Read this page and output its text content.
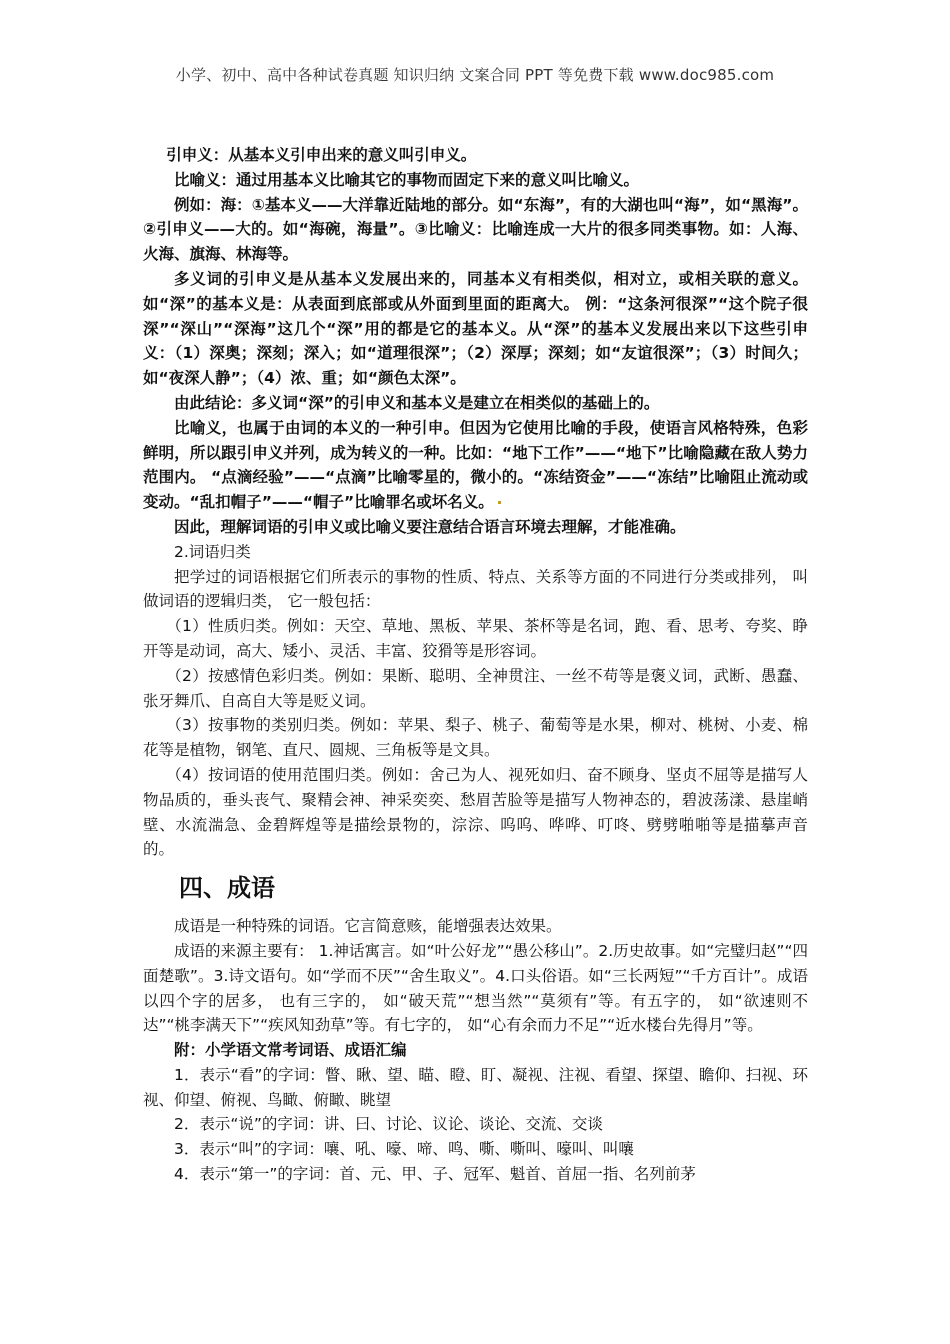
小学、初中、高中各种试卷真题 知识归纳 文案合同 PPT 等免费下载 www.doc985.com

引申义：从基本义引申出来的意义叫引申义。

比喻义：通过用基本义比喻其它的事物而固定下来的意义叫比喻义。

例如：海：①基本义——大洋靠近陆地的部分。如“东海”，有的大湖也叫“海”，如“黑海”。②引申义——大的。如“海碗，海量”。③比喻义：比喻连成一大片的很多同类事物。如：人海、火海、旗海、林海等。

多义词的引申义是从基本义发展出来的，同基本义有相类似，相对立，或相关联的意义。 如“深”的基本义是：从表面到底部或从外面到里面的距离大。 例：“这条河很深”“这个院子很深”“深山”“深海”这几个“深”用的都是它的基本义。从“深”的基本义发展出来以下这些引申义：（1）深奥；深刻；深入；如“道理很深”；（2）深厚；深刻；如“友谊很深”；（3）时间久；如“夜深人静”；（4）浓、重；如“颜色太深”。

由此结论：多义词“深”的引申义和基本义是建立在相类似的基础上的。

比喻义，也属于由词的本义的一种引申。但因为它使用比喻的手段，使语言风格特殊，色彩鲜明，所以跟引申义并列，成为转义的一种。比如：“地下工作”——“地下”比喻隐藏在敌人势力范围内。 “点滴经验”——“点滴”比喻零星的，微小的。“冻结资金”——“冻结”比喻阻止流动或变动。“乱扣帽子”——“帽子”比喻罪名或坏名义。

因此，理解词语的引申义或比喻义要注意结合语言环境去理解，才能准确。

2.词语归类

把学过的词语根据它们所表示的事物的性质、特点、关系等方面的不同进行分类或排列， 叫做词语的逻辑归类， 它一般包括：

（1）性质归类。例如：天空、草地、黑板、苹果、茶杯等是名词，跑、看、思考、夸奖、睁开等是动词，高大、矮小、灵活、丰富、狡猾等是形容词。

（2）按感情色彩归类。例如：果断、聪明、全神贯注、一丝不苟等是褒义词，武断、愚蠢、张牙舞爪、自高自大等是贬义词。

（3）按事物的类别归类。例如：苹果、梨子、桃子、葡萄等是水果，柳对、桃树、小麦、棉花等是植物，钢笔、直尺、圆规、三角板等是文具。

（4）按词语的使用范围归类。例如：舍己为人、视死如归、奋不顾身、坚贞不屈等是描写人物品质的，垂头丧气、聚精会神、神采奕奕、愁眉苦脸等是描写人物神态的，碧波荡漾、悬崖峭壁、水流湍急、金碧辉煌等是描绘景物的，淙淙、呜呜、哗哗、叮咚、劈劈啪啪等是描摹声音的。

四、成语

成语是一种特殊的词语。它言简意赅，能增强表达效果。

成语的来源主要有： 1.神话寓言。如“叶公好龙”“愚公移山”。2.历史故事。如“完璧归赵”“四面楚歌”。3.诗文语句。如“学而不厌”“舍生取义”。4.口头俗语。如“三长两短”“千方百计”。成语以四个字的居多， 也有三字的， 如“破天荒”“想当然”“莫须有”等。有五字的， 如“欲速则不达”“桃李满天下”“疾风知劲草”等。有七字的， 如“心有余而力不足”“近水楼台先得月”等。

附：小学语文常考词语、成语汇编

1．表示“看”的字词：瞥、瞅、望、瞄、瞪、盯、凝视、注视、看望、探望、瞻仰、扫视、环视、仰望、俯视、鸟瞰、俯瞰、眺望

2．表示“说”的字词：讲、曰、讨论、议论、谈论、交流、交谈

3．表示“叫”的字词：嚷、吼、嚎、啼、鸣、嘶、嘶叫、嚎叫、叫嚷

4．表示“第一”的字词：首、元、甲、子、冠军、魁首、首屈一指、名列前茅
